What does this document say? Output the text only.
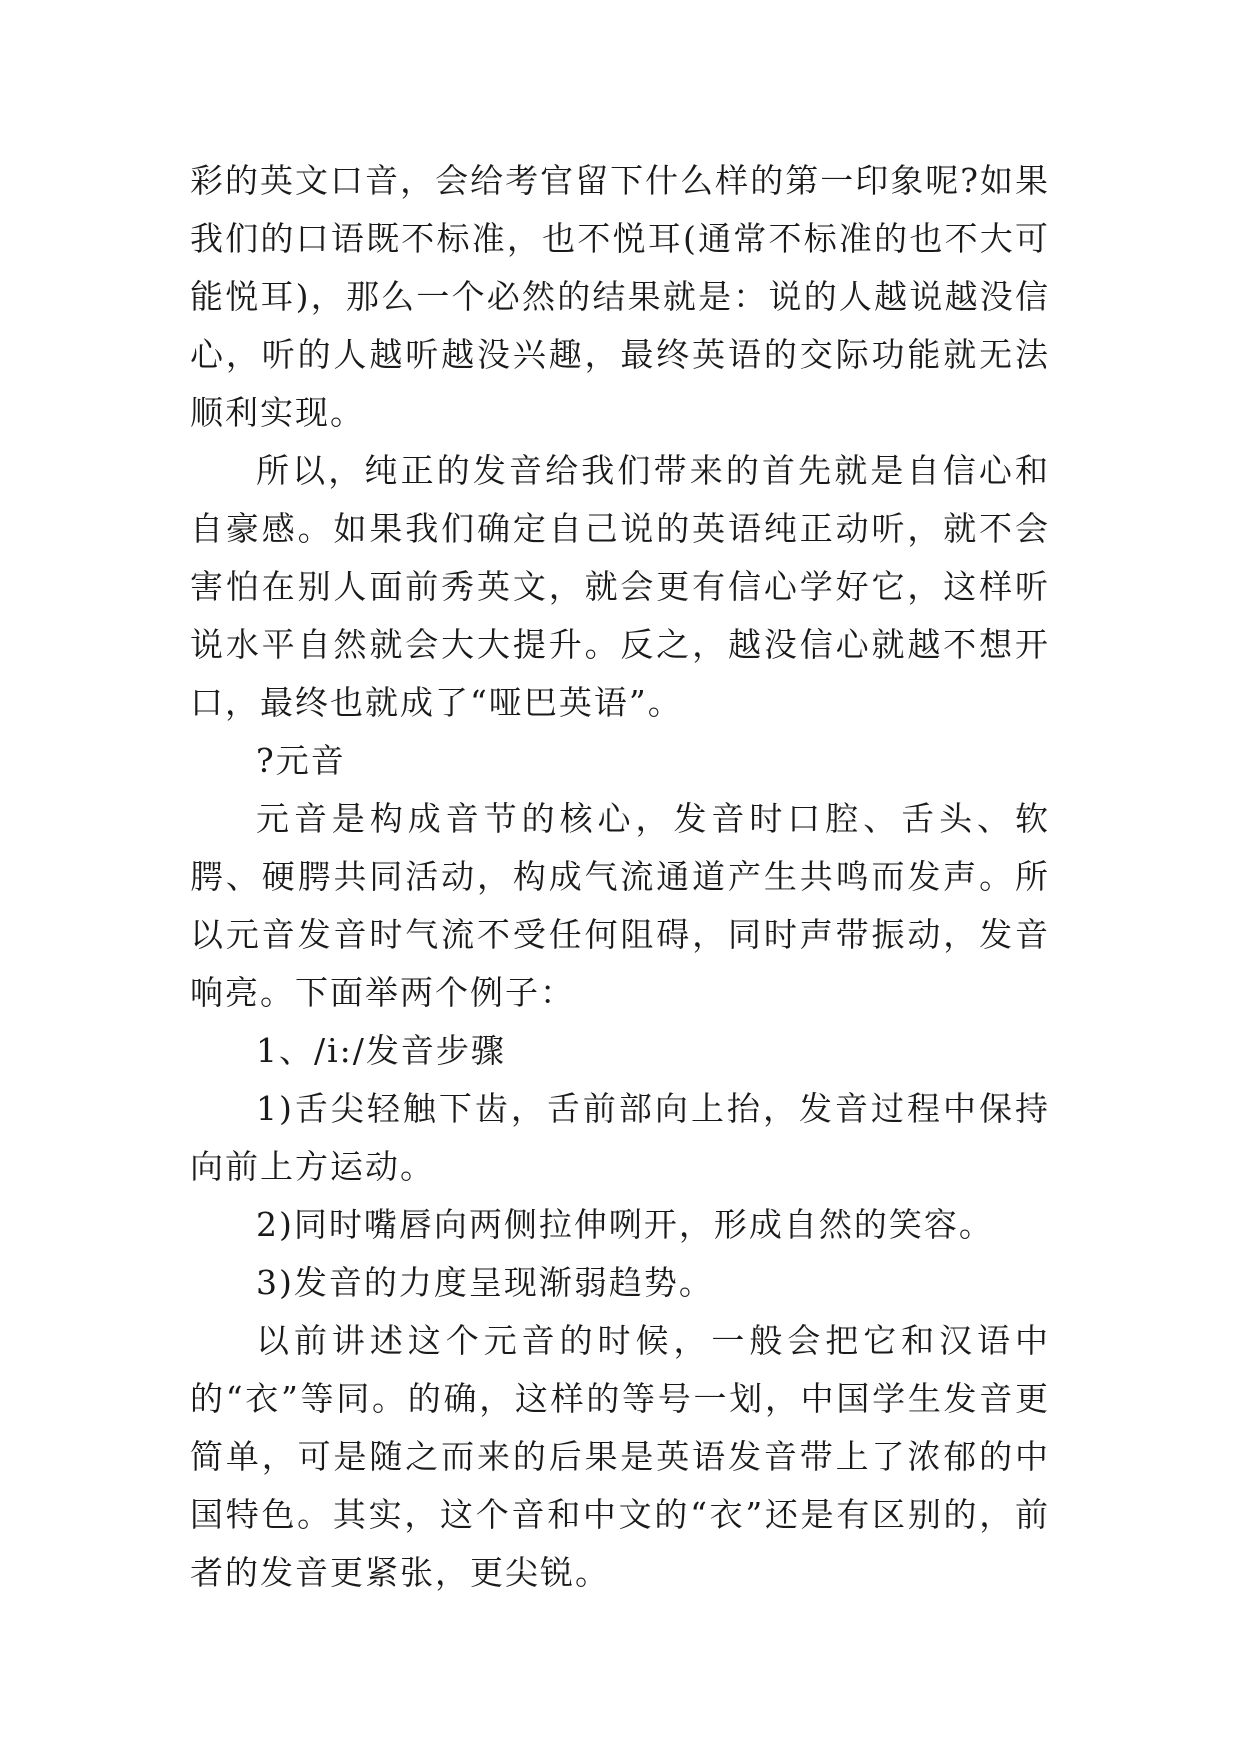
彩的英文口音，会给考官留下什么样的第一印象呢?如果我们的口语既不标准，也不悦耳(通常不标准的也不大可能悦耳)，那么一个必然的结果就是：说的人越说越没信心，听的人越听越没兴趣，最终英语的交际功能就无法顺利实现。

所以，纯正的发音给我们带来的首先就是自信心和自豪感。如果我们确定自己说的英语纯正动听，就不会害怕在别人面前秀英文，就会更有信心学好它，这样听说水平自然就会大大提升。反之，越没信心就越不想开口，最终也就成了“哑巴英语”。

?元音

元音是构成音节的核心，发音时口腔、舌头、软腭、硬腭共同活动，构成气流通道产生共鸣而发声。所以元音发音时气流不受任何阻碍，同时声带振动，发音响亮。下面举两个例子：

1、/i:/发音步骤

1)舌尖轻触下齿，舌前部向上抬，发音过程中保持向前上方运动。

2)同时嘴唇向两侧拉伸咧开，形成自然的笑容。

3)发音的力度呈现渐弱趋势。

以前讲述这个元音的时候，一般会把它和汉语中的“衣”等同。的确，这样的等号一划，中国学生发音更简单，可是随之而来的后果是英语发音带上了浓郁的中国特色。其实，这个音和中文的“衣”还是有区别的，前者的发音更紧张，更尖锐。
